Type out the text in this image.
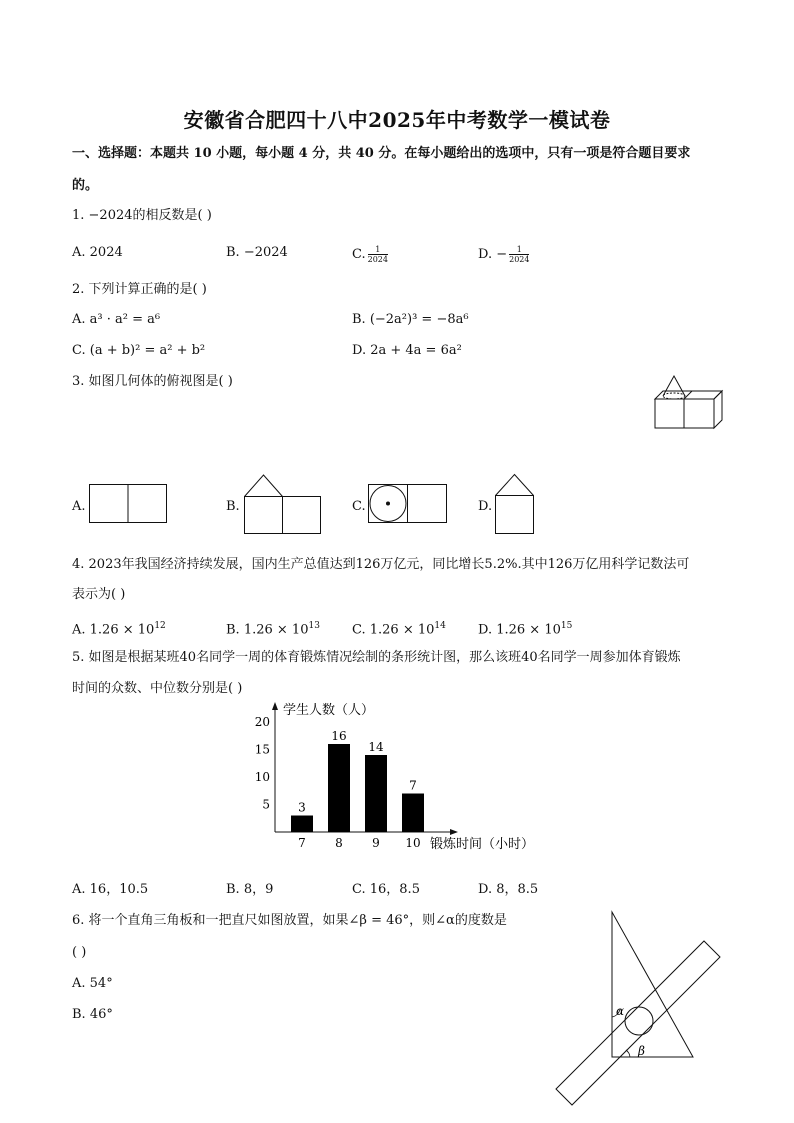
安徽省合肥四十八中2025年中考数学一模试卷
一、选择题：本题共 10 小题，每小题 4 分，共 40 分。在每小题给出的选项中，只有一项是符合题目要求
的。
1. −2024的相反数是( )
A. 2024	B. −2024	C. $\frac{1}{2024}$	D. − $\frac{1}{2024}$
2. 下列计算正确的是( )
A. a³ · a² = a⁶	B. (−2a²)³ = −8a⁶
C. (a + b)² = a² + b²	D. 2a + 4a = 6a²
3. 如图几何体的俯视图是( )
A.	B.	C.	D.
4. 2023年我国经济持续发展，国内生产总值达到126万亿元，同比增长5.2%.其中126万亿用科学记数法可
表示为( )
A. $1.26 \times 10^{12}$	B. $1.26 \times 10^{13}$ C. $1.26 \times 10^{14}$ D. $1.26 \times 10^{15}$
5. 如图是根据某班40名同学一周的体育锻炼情况绘制的条形统计图，那么该班40名同学一周参加体育锻炼
时间的众数、中位数分别是( )
学生人数（人）
锻炼时间（小时）
5
10
15
20
3
7
16
8
14
9
7
10
A. 16，10.5	B. 8，9	C. 16，8.5	D. 8，8.5
6. 将一个直角三角板和一把直尺如图放置，如果∠β = 46°，则∠α的度数是
( )
A. 54°
B. 46°	α
β
